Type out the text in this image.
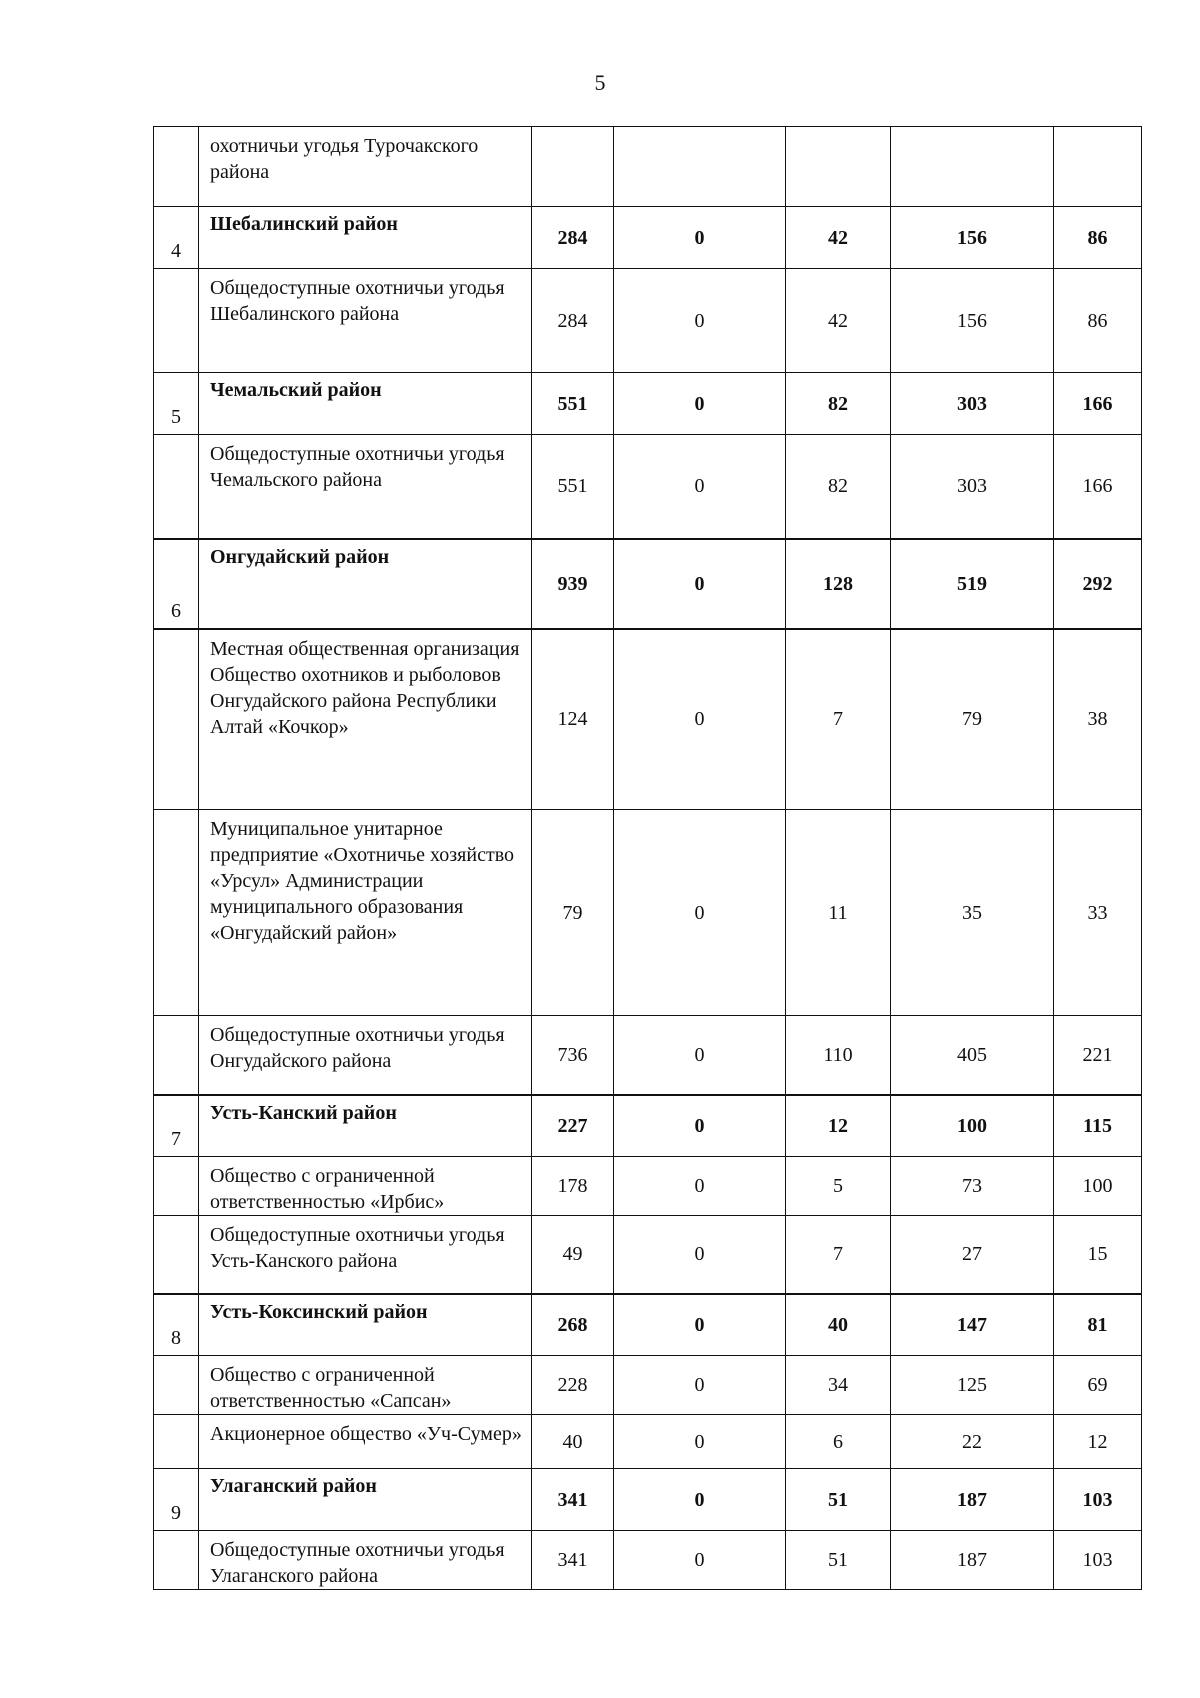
5
	охотничьи угодья Турочакского района					
4	Шебалинский район	284	0	42	156	86
	Общедоступные охотничьи угодья Шебалинского района	284	0	42	156	86
5	Чемальский район	551	0	82	303	166
	Общедоступные охотничьи угодья Чемальского района	551	0	82	303	166
6	Онгудайский район	939	0	128	519	292
	Местная общественная организация Общество охотников и рыболовов Онгудайского района Республики Алтай «Кочкор»	124	0	7	79	38
	Муниципальное унитарное предприятие «Охотничье хозяйство «Урсул» Администрации муниципального образования «Онгудайский район»	79	0	11	35	33
	Общедоступные охотничьи угодья Онгудайского района	736	0	110	405	221
7	Усть-Канский район	227	0	12	100	115
	Общество с ограниченной ответственностью «Ирбис»	178	0	5	73	100
	Общедоступные охотничьи угодья Усть-Канского района	49	0	7	27	15
8	Усть-Коксинский район	268	0	40	147	81
	Общество с ограниченной ответственностью «Сапсан»	228	0	34	125	69
	Акционерное общество «Уч-Сумер»	40	0	6	22	12
9	Улаганский район	341	0	51	187	103
	Общедоступные охотничьи угодья Улаганского района	341	0	51	187	103
